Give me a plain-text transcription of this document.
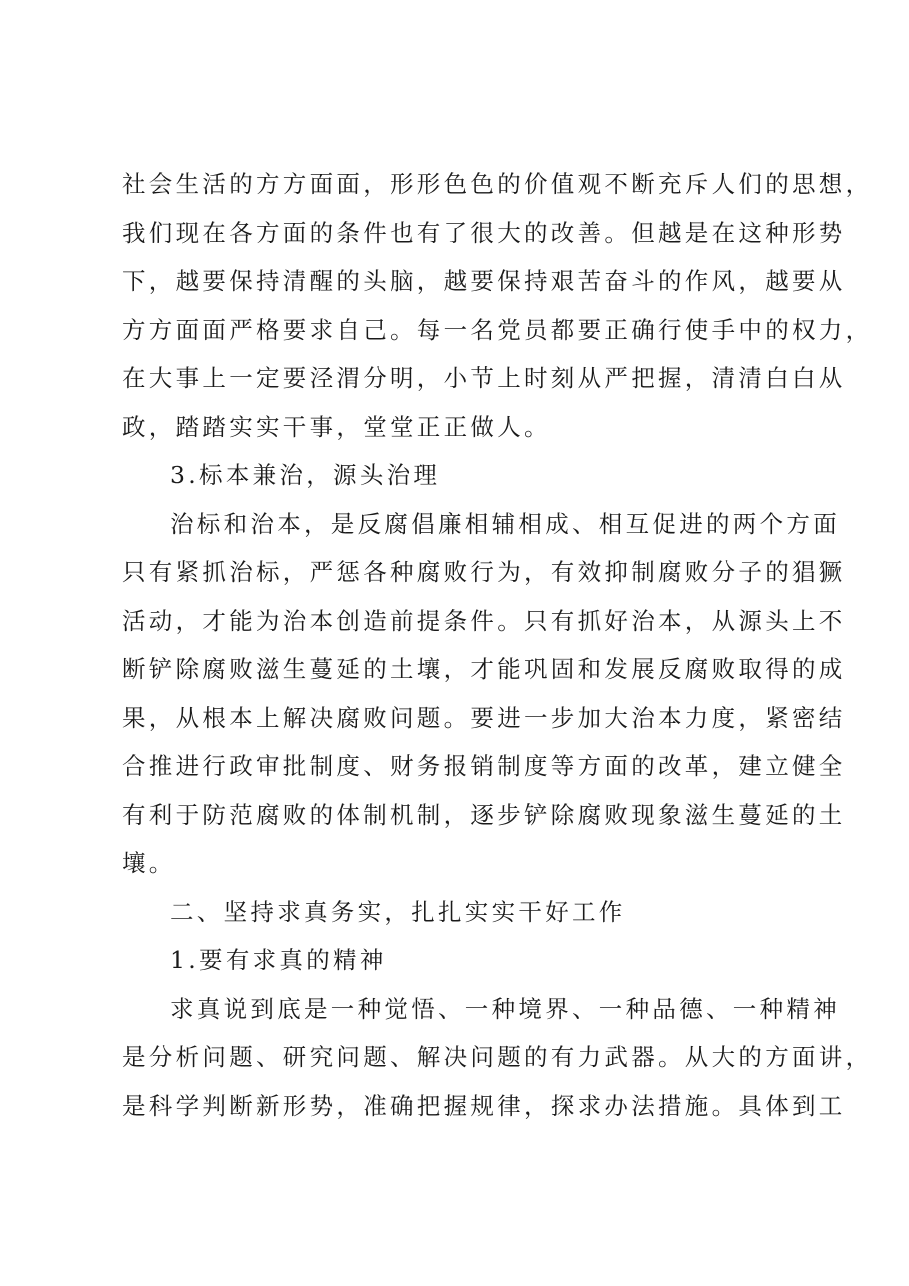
社会生活的方方面面，形形色色的价值观不断充斥人们的思想，
我们现在各方面的条件也有了很大的改善。但越是在这种形势
下，越要保持清醒的头脑，越要保持艰苦奋斗的作风，越要从
方方面面严格要求自己。每一名党员都要正确行使手中的权力，
在大事上一定要泾渭分明，小节上时刻从严把握，清清白白从
政，踏踏实实干事，堂堂正正做人。
3.标本兼治，源头治理
治标和治本，是反腐倡廉相辅相成、相互促进的两个方面
只有紧抓治标，严惩各种腐败行为，有效抑制腐败分子的猖獗
活动，才能为治本创造前提条件。只有抓好治本，从源头上不
断铲除腐败滋生蔓延的土壤，才能巩固和发展反腐败取得的成
果，从根本上解决腐败问题。要进一步加大治本力度，紧密结
合推进行政审批制度、财务报销制度等方面的改革，建立健全
有利于防范腐败的体制机制，逐步铲除腐败现象滋生蔓延的土
壤。
二、坚持求真务实，扎扎实实干好工作
1.要有求真的精神
求真说到底是一种觉悟、一种境界、一种品德、一种精神
是分析问题、研究问题、解决问题的有力武器。从大的方面讲，
是科学判断新形势，准确把握规律，探求办法措施。具体到工
